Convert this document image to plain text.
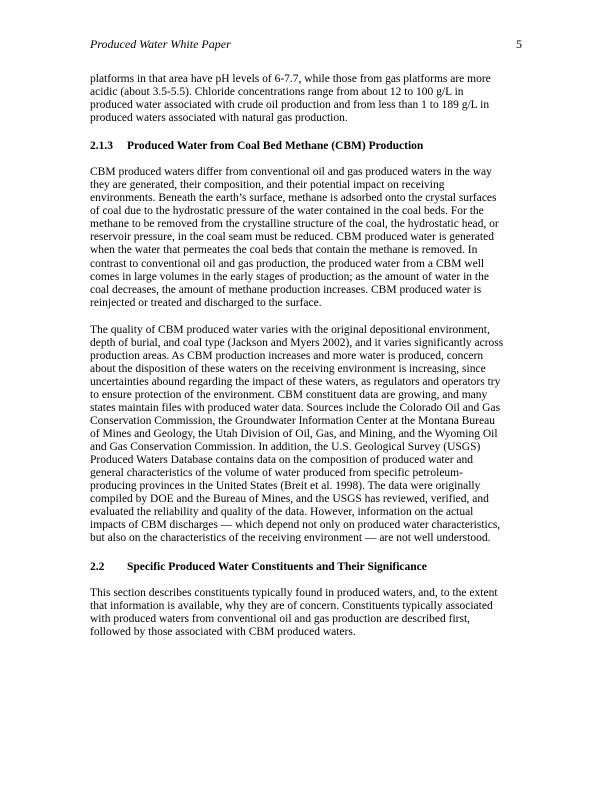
Produced Water White Paper	5

platforms in that area have pH levels of 6-7.7, while those from gas platforms are more
acidic (about 3.5-5.5). Chloride concentrations range from about 12 to 100 g/L in
produced water associated with crude oil production and from less than 1 to 189 g/L in
produced waters associated with natural gas production.

2.1.3 Produced Water from Coal Bed Methane (CBM) Production

CBM produced waters differ from conventional oil and gas produced waters in the way
they are generated, their composition, and their potential impact on receiving
environments. Beneath the earth’s surface, methane is adsorbed onto the crystal surfaces
of coal due to the hydrostatic pressure of the water contained in the coal beds. For the
methane to be removed from the crystalline structure of the coal, the hydrostatic head, or
reservoir pressure, in the coal seam must be reduced. CBM produced water is generated
when the water that permeates the coal beds that contain the methane is removed. In
contrast to conventional oil and gas production, the produced water from a CBM well
comes in large volumes in the early stages of production; as the amount of water in the
coal decreases, the amount of methane production increases. CBM produced water is
reinjected or treated and discharged to the surface.

The quality of CBM produced water varies with the original depositional environment,
depth of burial, and coal type (Jackson and Myers 2002), and it varies significantly across
production areas. As CBM production increases and more water is produced, concern
about the disposition of these waters on the receiving environment is increasing, since
uncertainties abound regarding the impact of these waters, as regulators and operators try
to ensure protection of the environment. CBM constituent data are growing, and many
states maintain files with produced water data. Sources include the Colorado Oil and Gas
Conservation Commission, the Groundwater Information Center at the Montana Bureau
of Mines and Geology, the Utah Division of Oil, Gas, and Mining, and the Wyoming Oil
and Gas Conservation Commission. In addition, the U.S. Geological Survey (USGS)
Produced Waters Database contains data on the composition of produced water and
general characteristics of the volume of water produced from specific petroleum-
producing provinces in the United States (Breit et al. 1998). The data were originally
compiled by DOE and the Bureau of Mines, and the USGS has reviewed, verified, and
evaluated the reliability and quality of the data. However, information on the actual
impacts of CBM discharges — which depend not only on produced water characteristics,
but also on the characteristics of the receiving environment — are not well understood.

2.2 Specific Produced Water Constituents and Their Significance

This section describes constituents typically found in produced waters, and, to the extent
that information is available, why they are of concern. Constituents typically associated
with produced waters from conventional oil and gas production are described first,
followed by those associated with CBM produced waters.
